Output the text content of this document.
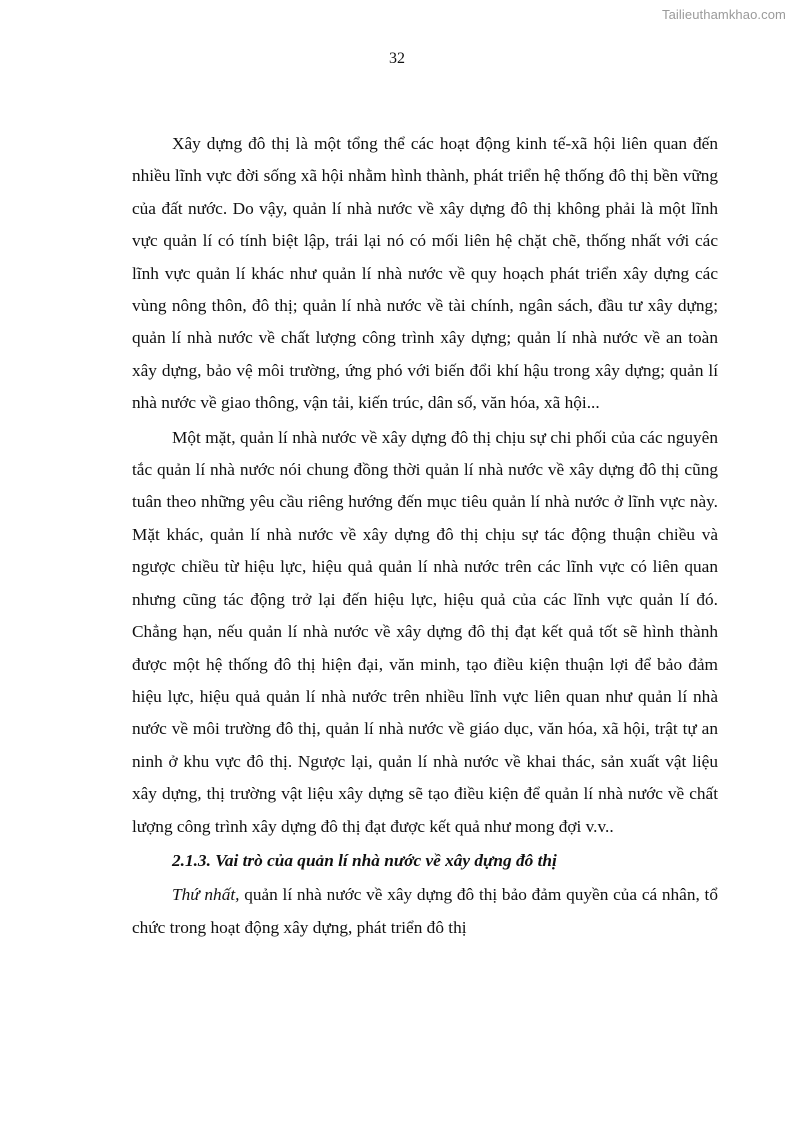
Tailieuthamkhao.com
32

Xây dựng đô thị là một tổng thể các hoạt động kinh tế-xã hội liên quan đến nhiều lĩnh vực đời sống xã hội nhằm hình thành, phát triển hệ thống đô thị bền vững của đất nước. Do vậy, quản lí nhà nước về xây dựng đô thị không phải là một lĩnh vực quản lí có tính biệt lập, trái lại nó có mối liên hệ chặt chẽ, thống nhất với các lĩnh vực quản lí khác như quản lí nhà nước về quy hoạch phát triển xây dựng các vùng nông thôn, đô thị; quản lí nhà nước về tài chính, ngân sách, đầu tư xây dựng; quản lí nhà nước về chất lượng công trình xây dựng; quản lí nhà nước về an toàn xây dựng, bảo vệ môi trường, ứng phó với biến đổi khí hậu trong xây dựng; quản lí nhà nước về giao thông, vận tải, kiến trúc, dân số, văn hóa, xã hội...

Một mặt, quản lí nhà nước về xây dựng đô thị chịu sự chi phối của các nguyên tắc quản lí nhà nước nói chung đồng thời quản lí nhà nước về xây dựng đô thị cũng tuân theo những yêu cầu riêng hướng đến mục tiêu quản lí nhà nước ở lĩnh vực này. Mặt khác, quản lí nhà nước về xây dựng đô thị chịu sự tác động thuận chiều và ngược chiều từ hiệu lực, hiệu quả quản lí nhà nước trên các lĩnh vực có liên quan nhưng cũng tác động trở lại đến hiệu lực, hiệu quả của các lĩnh vực quản lí đó. Chẳng hạn, nếu quản lí nhà nước về xây dựng đô thị đạt kết quả tốt sẽ hình thành được một hệ thống đô thị hiện đại, văn minh, tạo điều kiện thuận lợi để bảo đảm hiệu lực, hiệu quả quản lí nhà nước trên nhiều lĩnh vực liên quan như quản lí nhà nước về môi trường đô thị, quản lí nhà nước về giáo dục, văn hóa, xã hội, trật tự an ninh ở khu vực đô thị. Ngược lại, quản lí nhà nước về khai thác, sản xuất vật liệu xây dựng, thị trường vật liệu xây dựng sẽ tạo điều kiện để quản lí nhà nước về chất lượng công trình xây dựng đô thị đạt được kết quả như mong đợi v.v..

2.1.3. Vai trò của quản lí nhà nước về xây dựng đô thị

Thứ nhất, quản lí nhà nước về xây dựng đô thị bảo đảm quyền của cá nhân, tổ chức trong hoạt động xây dựng, phát triển đô thị
